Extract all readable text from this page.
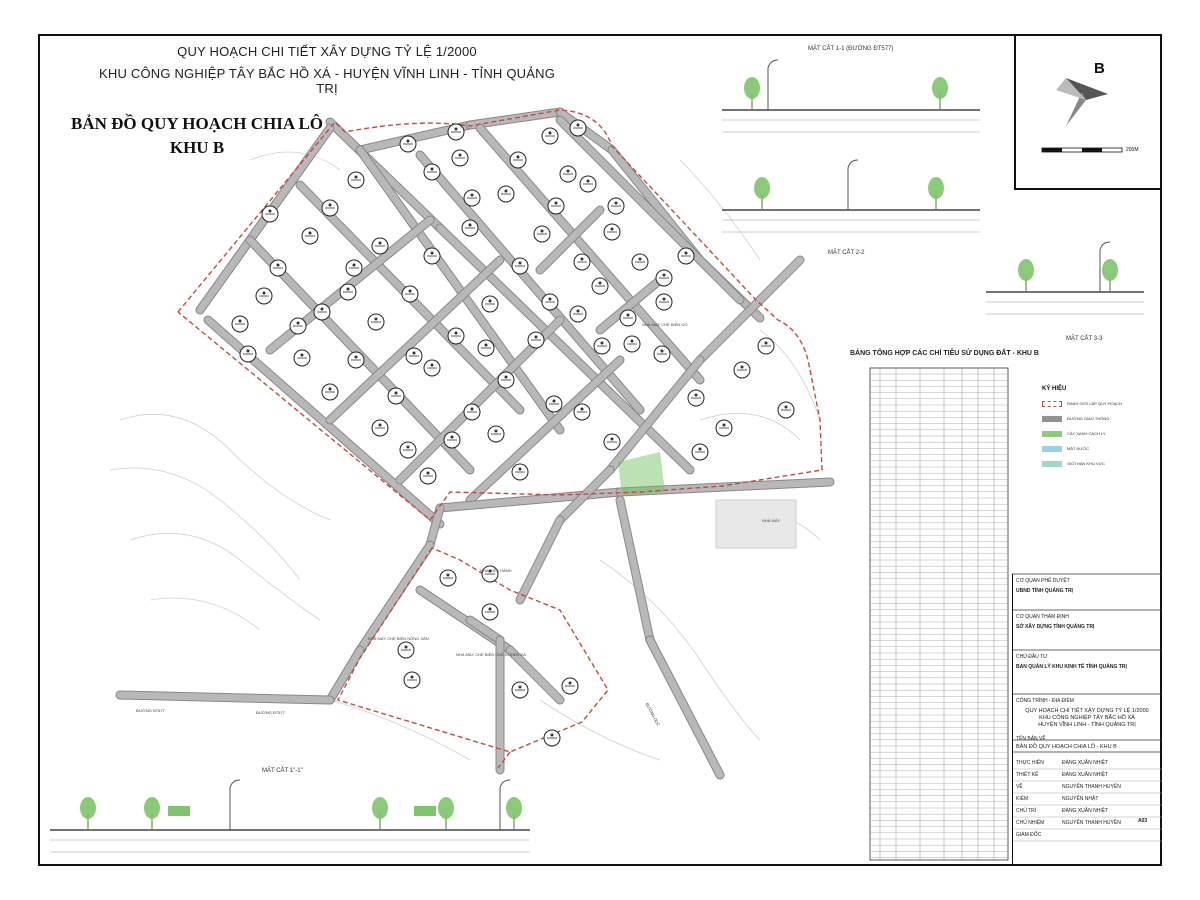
QUY HOẠCH CHI TIẾT XÂY DỰNG TỶ LỆ 1/2000
KHU CÔNG NGHIỆP TÂY BẮC HỒ XÁ - HUYỆN VĨNH LINH - TỈNH QUẢNG TRỊ
BẢN ĐỒ QUY HOẠCH CHIA LÔ
KHU B
MẶT CẮT 1-1 (ĐƯỜNG ĐT577)
MẶT CẮT 2-2
MẶT CẮT 3-3
MẶT CẮT 1"-1"
B
200M
BẢNG TỔNG HỢP CÁC CHỈ TIÊU SỬ DỤNG ĐẤT - KHU B
KÝ HIỆU
RANH GIỚI LẬP QUY HOẠCH
ĐƯỜNG GIAO THÔNG
CÂY XANH CÁCH LY
MẶT NƯỚC
GIỚI HẠN KHU VỰC
CƠ QUAN PHÊ DUYỆT
UBND TỈNH QUẢNG TRỊ
CƠ QUAN THẨM ĐỊNH
SỞ XÂY DỰNG TỈNH QUẢNG TRỊ
CHỦ ĐẦU TƯ
BAN QUẢN LÝ KHU KINH TẾ TỈNH QUẢNG TRỊ
CÔNG TRÌNH - ĐỊA ĐIỂM
QUY HOẠCH CHI TIẾT XÂY DỰNG TỶ LỆ 1/2000
KHU CÔNG NGHIỆP TÂY BẮC HỒ XÁ
HUYỆN VĨNH LINH - TỈNH QUẢNG TRỊ
TÊN BẢN VẼ
BẢN ĐỒ QUY HOẠCH CHIA LÔ - KHU B
THỰC HIỆN	ĐÀNG XUÂN NHIỆT
THIẾT KẾ	ĐÀNG XUÂN NHIỆT
VẼ	NGUYỄN THANH HUYỀN
KIỂM	NGUYỄN NHẬT
CHỦ TRÌ	ĐÀNG XUÂN NHIỆT
CHỦ NHIỆM	NGUYỄN THANH HUYỀN
GIÁM ĐỐC
A03
ĐƯỜNG ĐT577	ĐƯỜNG ĐT577	ĐƯỜNG DỌC
NHÀ MÁY CHẾ BIẾN GỖ
NHÀ MÁY CHẾ BIẾN CHÈ ĐI BIỂN ĐÀ
NHÀ MÁY CHẾ BIẾN NÔNG SẢN
NHÀ MÁY
NHÀ ĐIỀU HÀNH
